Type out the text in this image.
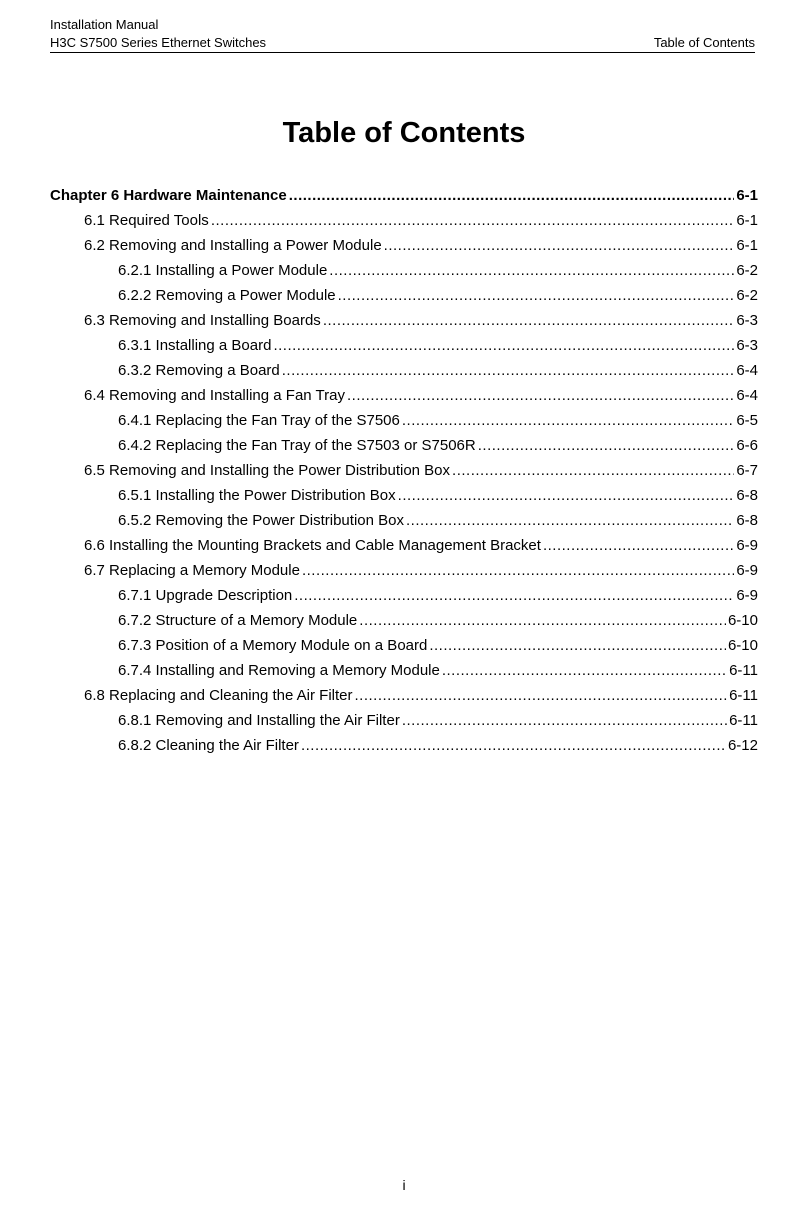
Installation Manual
H3C S7500 Series Ethernet Switches	Table of Contents
Table of Contents
Chapter 6 Hardware Maintenance .....	6-1
6.1 Required Tools .....	6-1
6.2 Removing and Installing a Power Module .....	6-1
6.2.1 Installing a Power Module .....	6-2
6.2.2 Removing a Power Module .....	6-2
6.3 Removing and Installing Boards .....	6-3
6.3.1 Installing a Board .....	6-3
6.3.2 Removing a Board .....	6-4
6.4 Removing and Installing a Fan Tray .....	6-4
6.4.1 Replacing the Fan Tray of the S7506 .....	6-5
6.4.2 Replacing the Fan Tray of the S7503 or S7506R .....	6-6
6.5 Removing and Installing the Power Distribution Box .....	6-7
6.5.1 Installing the Power Distribution Box .....	6-8
6.5.2 Removing the Power Distribution Box .....	6-8
6.6 Installing the Mounting Brackets and Cable Management Bracket .....	6-9
6.7 Replacing a Memory Module .....	6-9
6.7.1 Upgrade Description .....	6-9
6.7.2 Structure of a Memory Module .....	6-10
6.7.3 Position of a Memory Module on a Board .....	6-10
6.7.4 Installing and Removing a Memory Module .....	6-11
6.8 Replacing and Cleaning the Air Filter .....	6-11
6.8.1 Removing and Installing the Air Filter .....	6-11
6.8.2 Cleaning the Air Filter .....	6-12
i
